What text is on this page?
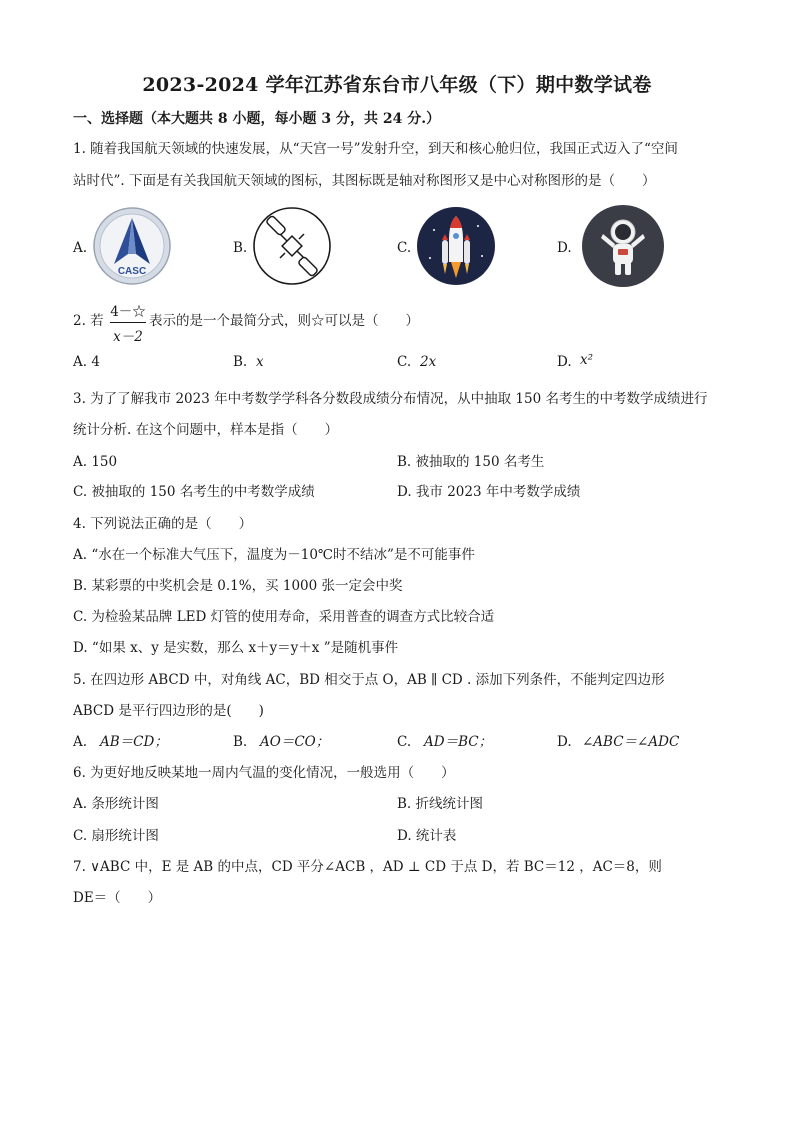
2023-2024 学年江苏省东台市八年级（下）期中数学试卷
一、选择题（本大题共 8 小题，每小题 3 分，共 24 分.）
1. 随着我国航天领域的快速发展，从“天宫一号”发射升空，到天和核心舱归位，我国正式迈入了“空间
站时代”. 下面是有关我国航天领域的图标，其图标既是轴对称图形又是中心对称图形的是（　　）
A.
CASC
B.	C.	D.
2. 若 $\frac{4-☆}{x-2}$ 表示的是一个最简分式，则☆可以是（　　）
A. 4	B. x	C. 2x	D. x²
3. 为了了解我市 2023 年中考数学学科各分数段成绩分布情况，从中抽取 150 名考生的中考数学成绩进行
统计分析. 在这个问题中，样本是指（　　）
A. 150	B. 被抽取的 150 名考生
C. 被抽取的 150 名考生的中考数学成绩	D. 我市 2023 年中考数学成绩
4. 下列说法正确的是（　　）
A. “水在一个标准大气压下，温度为－10℃时不结冰”是不可能事件
B. 某彩票的中奖机会是 0.1%，买 1000 张一定会中奖
C. 为检验某品牌 LED 灯管的使用寿命，采用普查的调查方式比较合适
D. “如果 x、y 是实数，那么 x＋y＝y＋x ”是随机事件
5. 在四边形 ABCD 中，对角线 AC，BD 相交于点 O，AB ∥ CD . 添加下列条件，不能判定四边形
ABCD 是平行四边形的是(　　)
A. AB＝CD；	B. AO＝CO；	C. AD＝BC；	D. ∠ABC＝∠ADC
6. 为更好地反映某地一周内气温的变化情况，一般选用（　　）
A. 条形统计图	B. 折线统计图
C. 扇形统计图	D. 统计表
7. ∨ABC 中，E 是 AB 的中点，CD 平分∠ACB ，AD ⊥ CD 于点 D，若 BC＝12 ，AC＝8，则
DE＝（　　）
